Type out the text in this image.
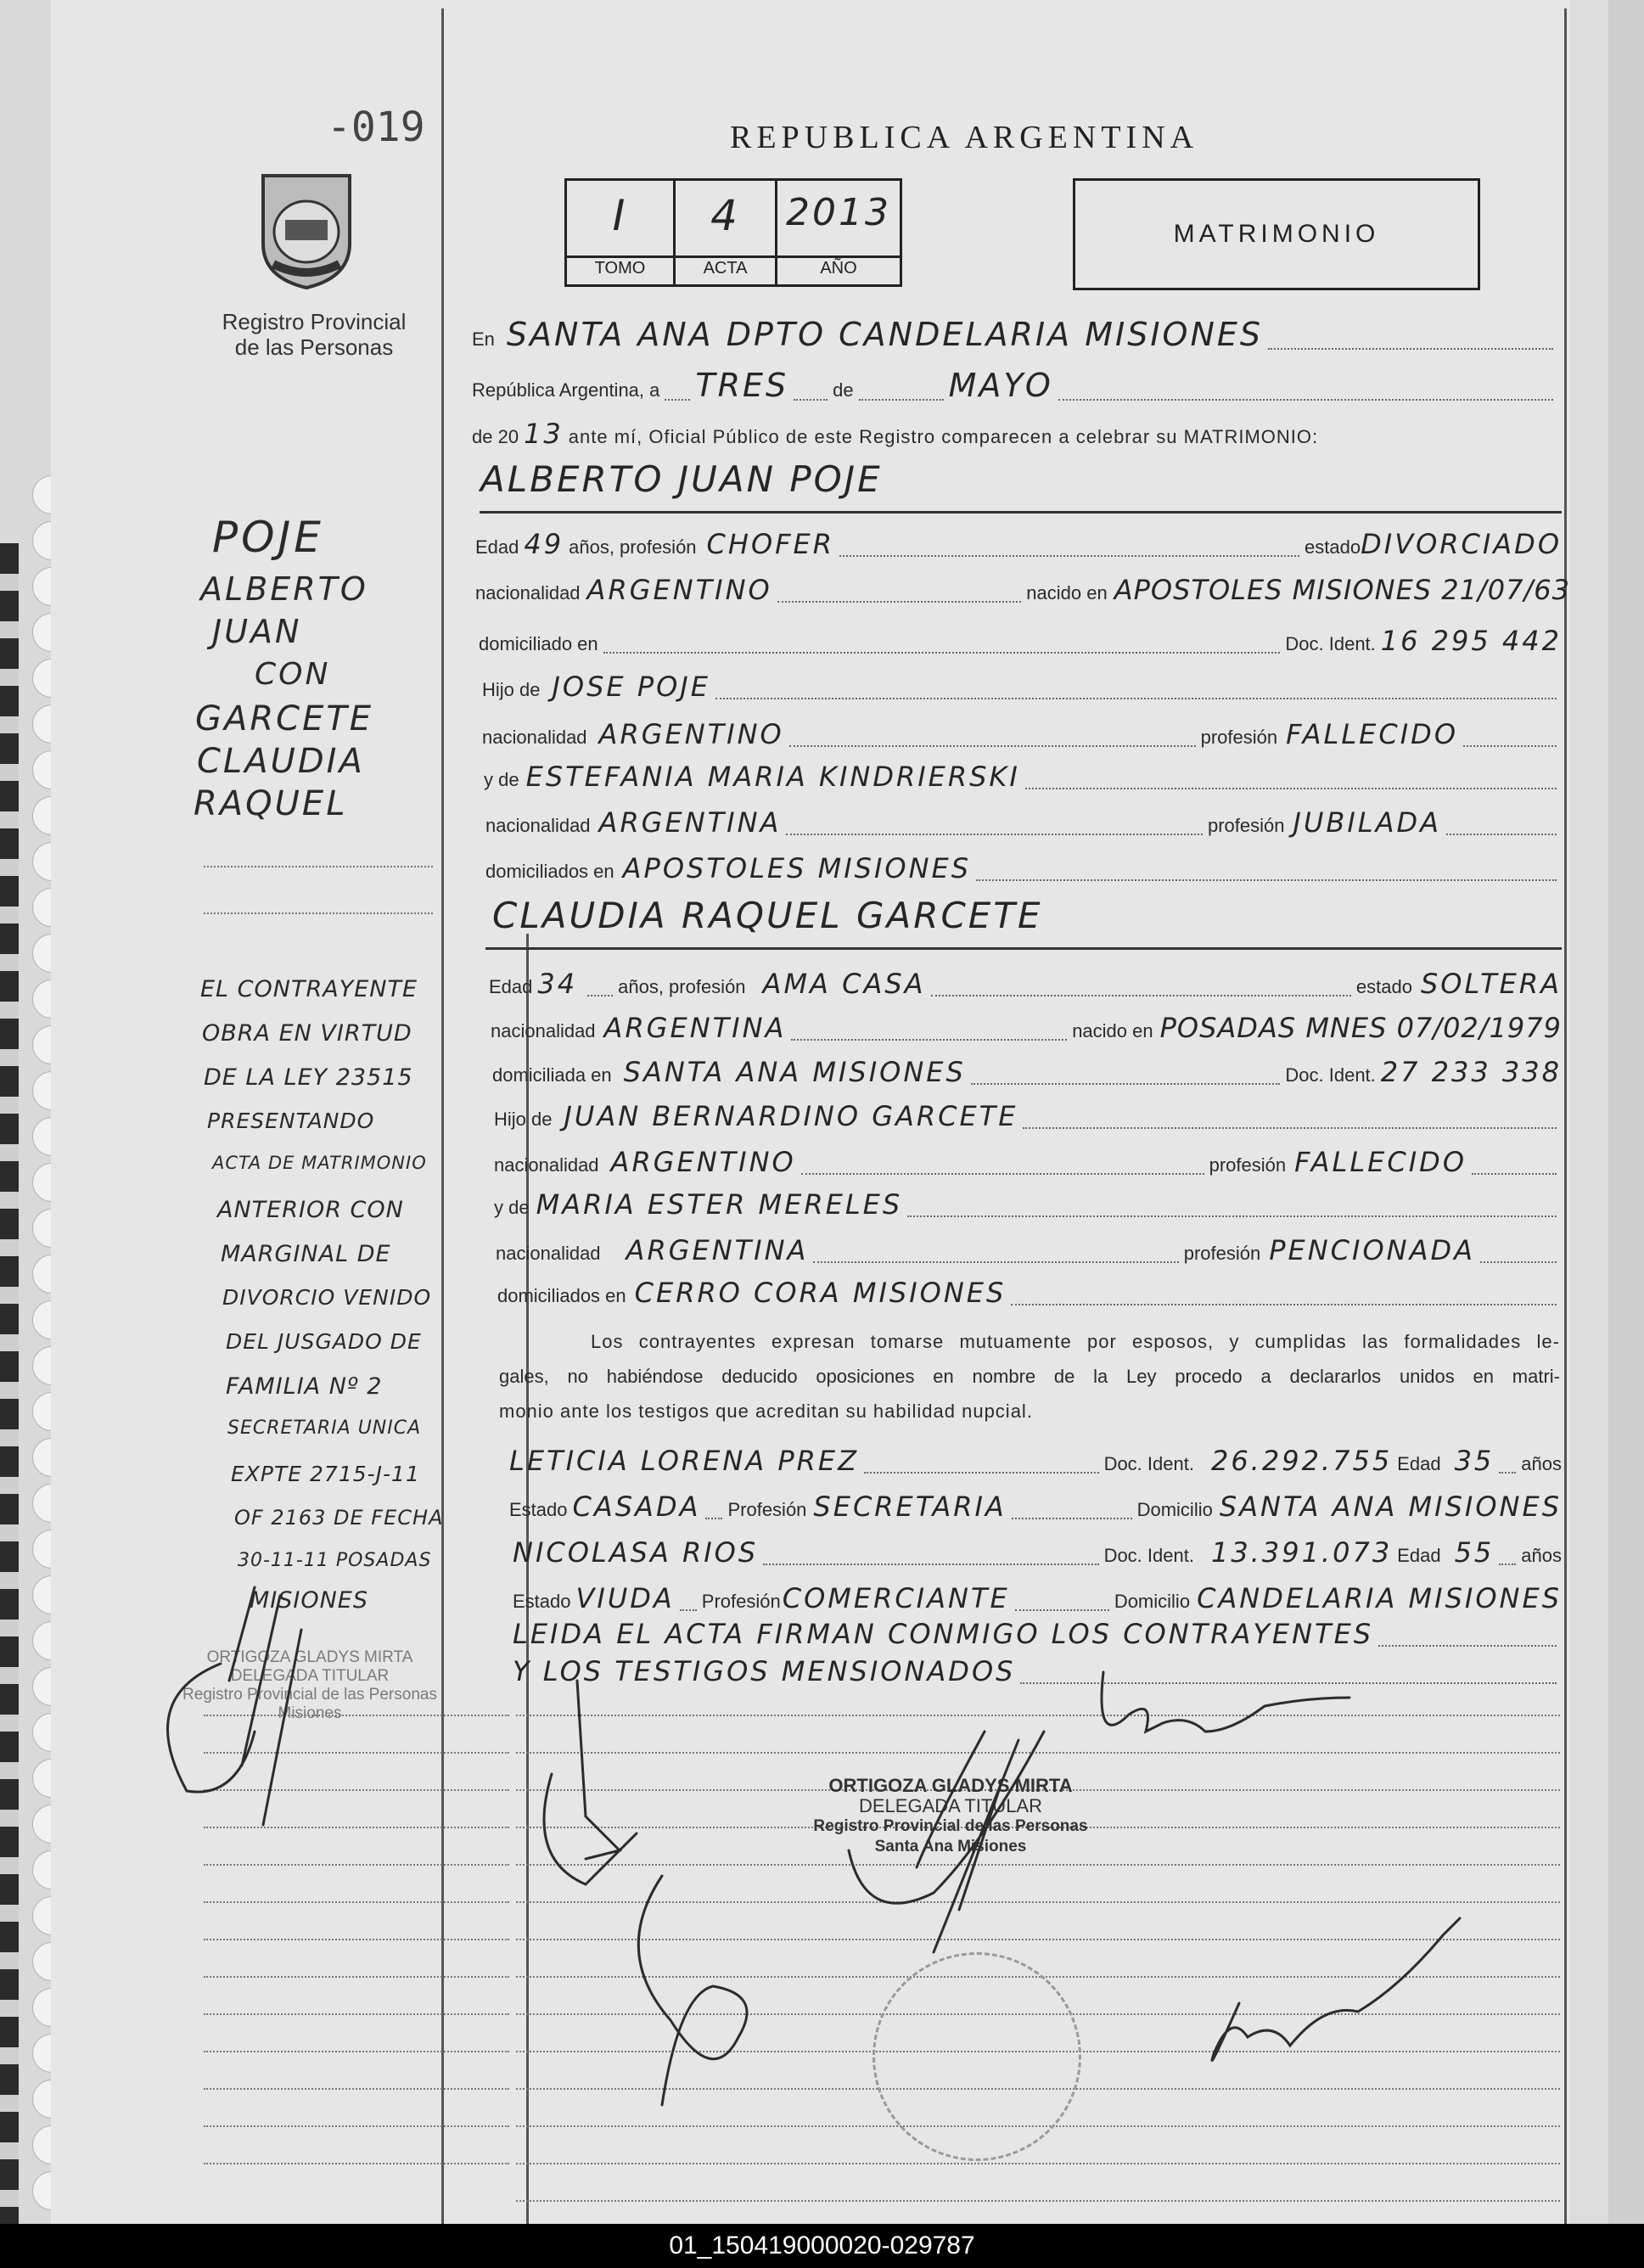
-019
Registro Provincial
de las Personas
REPUBLICA ARGENTINA
I	4	2013
TOMO	ACTA	AÑO
MATRIMONIO
En SANTA ANA DPTO CANDELARIA MISIONES
República Argentina, a TRES de	MAYO
de 20 13 ante mí, Oficial Público de este Registro comparecen a celebrar su MATRIMONIO:
ALBERTO JUAN POJE
Edad 49 años, profesión CHOFER	estado DIVORCIADO
nacionalidad ARGENTINO	nacido en APOSTOLES MISIONES 21/07/63
domiciliado en	Doc. Ident. 16 295 442
Hijo de JOSE POJE
nacionalidad ARGENTINO	profesión FALLECIDO
y de ESTEFANIA MARIA KINDRIERSKI
nacionalidad ARGENTINA	profesión JUBILADA
domiciliados en APOSTOLES MISIONES
CLAUDIA RAQUEL GARCETE
Edad 34 años, profesión AMA CASA	estado SOLTERA
nacionalidad ARGENTINA	nacido en POSADAS MNES 07/02/1979
domiciliada en SANTA ANA MISIONES	Doc. Ident. 27 233 338
Hijo de JUAN BERNARDINO GARCETE
nacionalidad ARGENTINO	profesión FALLECIDO
y de MARIA ESTER MERELES
nacionalidad ARGENTINA	profesión PENCIONADA
domiciliados en CERRO CORA MISIONES
Los contrayentes expresan tomarse mutuamente por esposos, y cumplidas las formalidades le-
gales, no habiéndose deducido oposiciones en nombre de la Ley procedo a declararlos unidos en matri-
monio ante los testigos que acreditan su habilidad nupcial.
LETICIA LORENA PREZ	Doc. Ident. 26.292.755 Edad 35 años
Estado CASADA Profesión SECRETARIA	Domicilio SANTA ANA MISIONES
NICOLASA RIOS	Doc. Ident. 13.391.073 Edad 55 años
Estado VIUDA Profesión COMERCIANTE	Domicilio CANDELARIA MISIONES
LEIDA EL ACTA FIRMAN CONMIGO LOS CONTRAYENTES
Y LOS TESTIGOS MENSIONADOS
POJE
ALBERTO
JUAN
CON
GARCETE
CLAUDIA
RAQUEL
EL CONTRAYENTE
OBRA EN VIRTUD
DE LA LEY 23515
PRESENTANDO
ACTA DE MATRIMONIO
ANTERIOR CON
MARGINAL DE
DIVORCIO VENIDO
DEL JUSGADO DE
FAMILIA Nº 2
SECRETARIA UNICA
EXPTE 2715-J-11
OF 2163 DE FECHA
30-11-11 POSADAS
MISIONES
ORTIGOZA GLADYS MIRTA
DELEGADA TITULAR
Registro Provincial de las Personas
Misiones
ORTIGOZA GLADYS MIRTA
DELEGADA TITULAR
Registro Provincial de las Personas
Santa Ana Misiones
01_150419000020-029787
